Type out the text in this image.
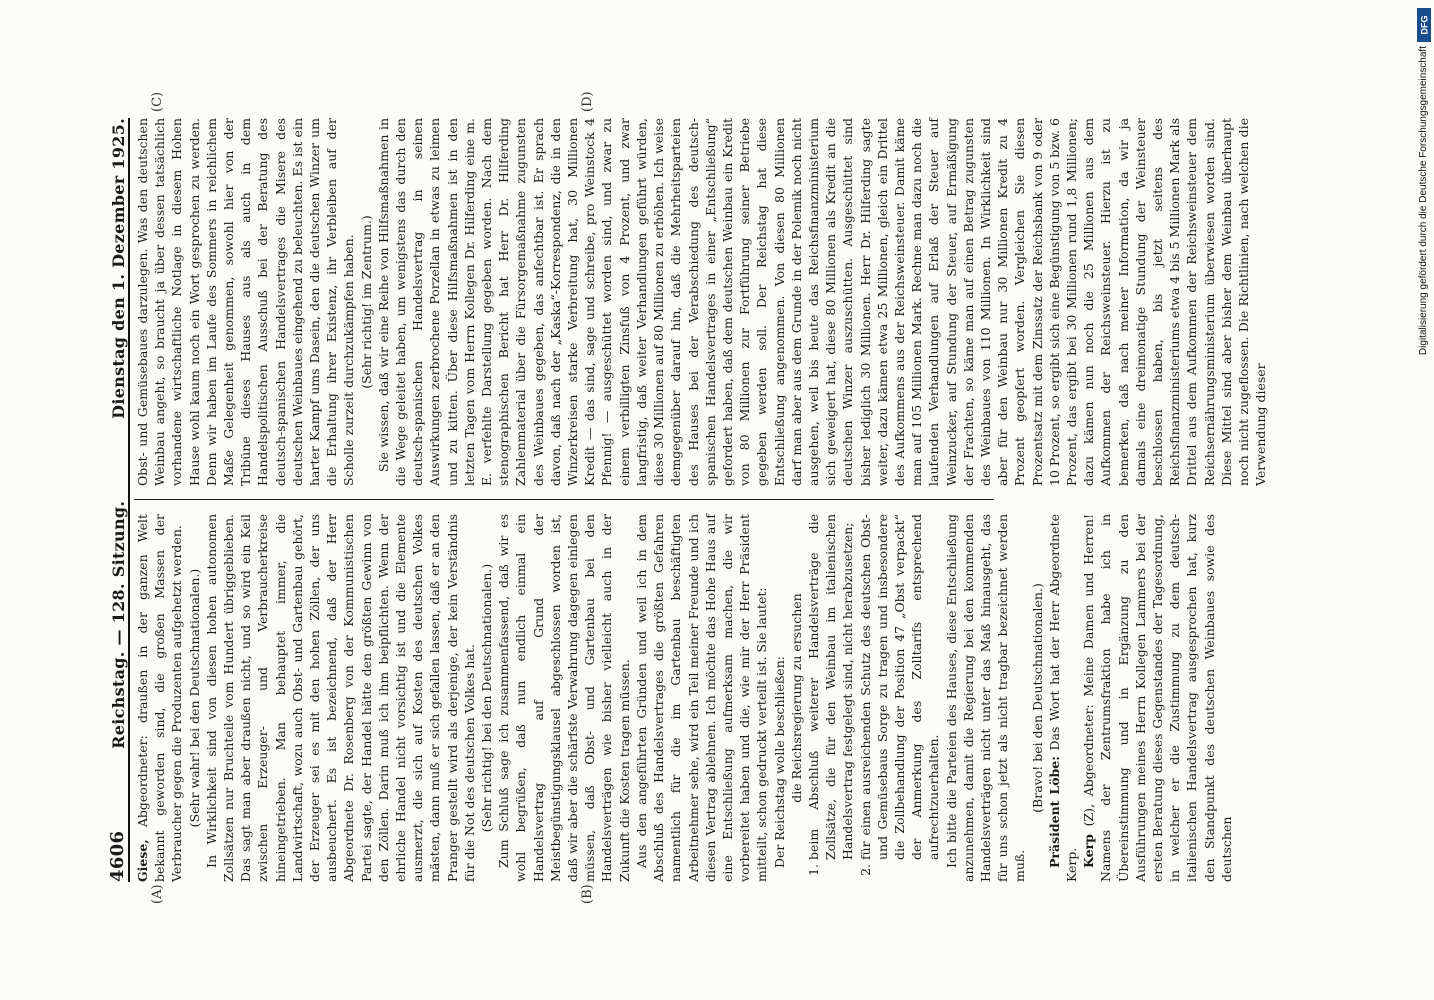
4606
Reichstag. — 128. Sitzung.
Dienstag den 1. Dezember 1925.
(A)	(B)
(C)	(D)

Giese, Abgeordneter: draußen in der ganzen Welt bekannt geworden sind, die großen Massen der Verbraucher gegen die Produzenten aufgehetzt werden. (Sehr wahr! bei den Deutschnationalen.) In Wirklichkeit sind von diesen hohen autonomen Zollsätzen nur Bruchteile vom Hundert übriggeblieben. Das sagt man aber draußen nicht, und so wird ein Keil zwischen Erzeuger- und Verbraucherkreise hineingetrieben. Man behauptet immer, die Landwirtschaft, wozu auch Obst- und Gartenbau gehört, der Erzeuger sei es mit den hohen Zöllen, der uns ausbeuchert. Es ist bezeichnend, daß der Herr Abgeordnete Dr. Rosenberg von der Kommunistischen Partei sagte, der Handel hätte den größten Gewinn von den Zöllen. Darin muß ich ihm beipflichten. Wenn der ehrliche Handel nicht vorsichtig ist und die Elemente ausmerzt, die sich auf Kosten des deutschen Volkes mästen, dann muß er sich gefallen lassen, daß er an den Pranger gestellt wird als derjenige, der kein Verständnis für die Not des deutschen Volkes hat. (Sehr richtig! bei den Deutschnationalen.) Zum Schluß sage ich zusammenfassend, daß wir es wohl begrüßen, daß nun endlich einmal ein Handelsvertrag auf Grund der Meistbegünstigungsklausel abgeschlossen worden ist, daß wir aber die schärfste Verwahrung dagegen einlegen müssen, daß Obst- und Gartenbau bei den Handelsverträgen wie bisher vielleicht auch in der Zukunft die Kosten tragen müssen. Aus den angeführten Gründen und weil ich in dem Abschluß des Handelsvertrages die größten Gefahren namentlich für die im Gartenbau beschäftigten Arbeitnehmer sehe, wird ein Teil meiner Freunde und ich diesen Vertrag ablehnen. Ich möchte das Hohe Haus auf eine Entschließung aufmerksam machen, die wir vorbereitet haben und die, wie mir der Herr Präsident mitteilt, schon gedruckt verteilt ist. Sie lautet: Der Reichstag wolle beschließen: die Reichsregierung zu ersuchen 1. beim Abschluß weiterer Handelsverträge die Zollsätze, die für den Weinbau im italienischen Handelsvertrag festgelegt sind, nicht herabzusetzen; 2. für einen ausreichenden Schutz des deutschen Obst- und Gemüsebaus Sorge zu tragen und insbesondere die Zollbehandlung der Position 47 „Obst verpackt“ der Anmerkung des Zolltarifs entsprechend aufrechtzuerhalten. Ich bitte die Parteien des Hauses, diese Entschließung anzunehmen, damit die Regierung bei den kommenden Handelsverträgen nicht unter das Maß hinausgeht, das für uns schon jetzt als nicht tragbar bezeichnet werden muß.

(Bravo! bei den Deutschnationalen.) Präsident Löbe: Das Wort hat der Herr Abgeordnete Kerp. Kerp (Z), Abgeordneter: Meine Damen und Herren! Namens der Zentrumsfraktion habe ich in Übereinstimmung und in Ergänzung zu den Ausführungen meines Herrn Kollegen Lammers bei der ersten Beratung dieses Gegenstandes der Tagesordnung, in welcher er die Zustimmung zu dem deutsch-italienischen Handelsvertrag ausgesprochen hat, kurz den Standpunkt des deutschen Weinbaues sowie des deutschen

Obst- und Gemüsebaues darzulegen. Was den deutschen Weinbau angeht, so braucht ja über dessen tatsächlich vorhandene wirtschaftliche Notlage in diesem Hohen Hause wohl kaum noch ein Wort gesprochen zu werden. Denn wir haben im Laufe des Sommers in reichlichem Maße Gelegenheit genommen, sowohl hier von der Tribüne dieses Hauses aus als auch in dem Handelspolitischen Ausschuß bei der Beratung des deutsch-spanischen Handelsvertrages die Misere des deutschen Weinbaues eingehend zu beleuchten. Es ist ein harter Kampf ums Dasein, den die deutschen Winzer um die Erhaltung ihrer Existenz, ihr Verbleiben auf der Scholle zurzeit durchzukämpfen haben. (Sehr richtig! im Zentrum.) Sie wissen, daß wir eine Reihe von Hilfsmaßnahmen in die Wege geleitet haben, um wenigstens das durch den deutsch-spanischen Handelsvertrag in seinen Auswirkungen zerbrochene Porzellan in etwas zu leimen und zu kitten. Über diese Hilfsmaßnahmen ist in den letzten Tagen vom Herrn Kollegen Dr. Hilferding eine m. E. verfehlte Darstellung gegeben worden. Nach dem stenographischen Bericht hat Herr Dr. Hilferding Zahlenmaterial über die Fürsorgemaßnahme zugunsten des Weinbaues gegeben, das anfechtbar ist. Er sprach davon, daß nach der „Kaska“-Korrespondenz, die in den Winzerkreisen starke Verbreitung hat, 30 Millionen Kredit — das sind, sage und schreibe, pro Weinstock 4 Pfennig! — ausgeschüttet worden sind, und zwar zu einem verbilligten Zinsfuß von 4 Prozent, und zwar langfristig, daß weiter Verhandlungen geführt würden, diese 30 Millionen auf 80 Millionen zu erhöhen. Ich weise demgegenüber darauf hin, daß die Mehrheitsparteien des Hauses bei der Verabschiedung des deutsch-spanischen Handelsvertrages in einer „Entschließung“ gefordert haben, daß dem deutschen Weinbau ein Kredit von 80 Millionen zur Fortführung seiner Betriebe gegeben werden soll. Der Reichstag hat diese Entschließung angenommen. Von diesen 80 Millionen darf man aber aus dem Grunde in der Polemik noch nicht ausgehen, weil bis heute das Reichsfinanzministerium sich geweigert hat, diese 80 Millionen als Kredit an die deutschen Winzer auszuschütten. Ausgeschüttet sind bisher lediglich 30 Millionen. Herr Dr. Hilferding sagte weiter, dazu kämen etwa 25 Millionen, gleich ein Drittel des Aufkommens aus der Reichsweinsteuer. Damit käme man auf 105 Millionen Mark. Rechne man dazu noch die laufenden Verhandlungen auf Erlaß der Steuer auf Weinzucker, auf Stundung der Steuer, auf Ermäßigung der Frachten, so käme man auf einen Betrag zugunsten des Weinbaues von 110 Millionen. In Wirklichkeit sind aber für den Weinbau nur 30 Millionen Kredit zu 4 Prozent geopfert worden. Vergleichen Sie diesen Prozentsatz mit dem Zinssatz der Reichsbank von 9 oder 10 Prozent, so ergibt sich eine Begünstigung von 5 bzw. 6 Prozent, das ergibt bei 30 Millionen rund 1,8 Millionen; dazu kämen nun noch die 25 Millionen aus dem Aufkommen der Reichsweinsteuer. Hierzu ist zu bemerken, daß nach meiner Information, da wir ja damals eine dreimonatige Stundung der Weinsteuer beschlossen haben, bis jetzt seitens des Reichsfinanzministeriums etwa 4 bis 5 Millionen Mark als Drittel aus dem Aufkommen der Reichsweinsteuer dem Reichsernährungsministerium überwiesen worden sind. Diese Mittel sind aber bisher dem Weinbau überhaupt noch nicht zugeflossen. Die Richtlinien, nach welchen die Verwendung dieser

DFG
Digitalisierung gefördert durch die Deutsche Forschungsgemeinschaft
